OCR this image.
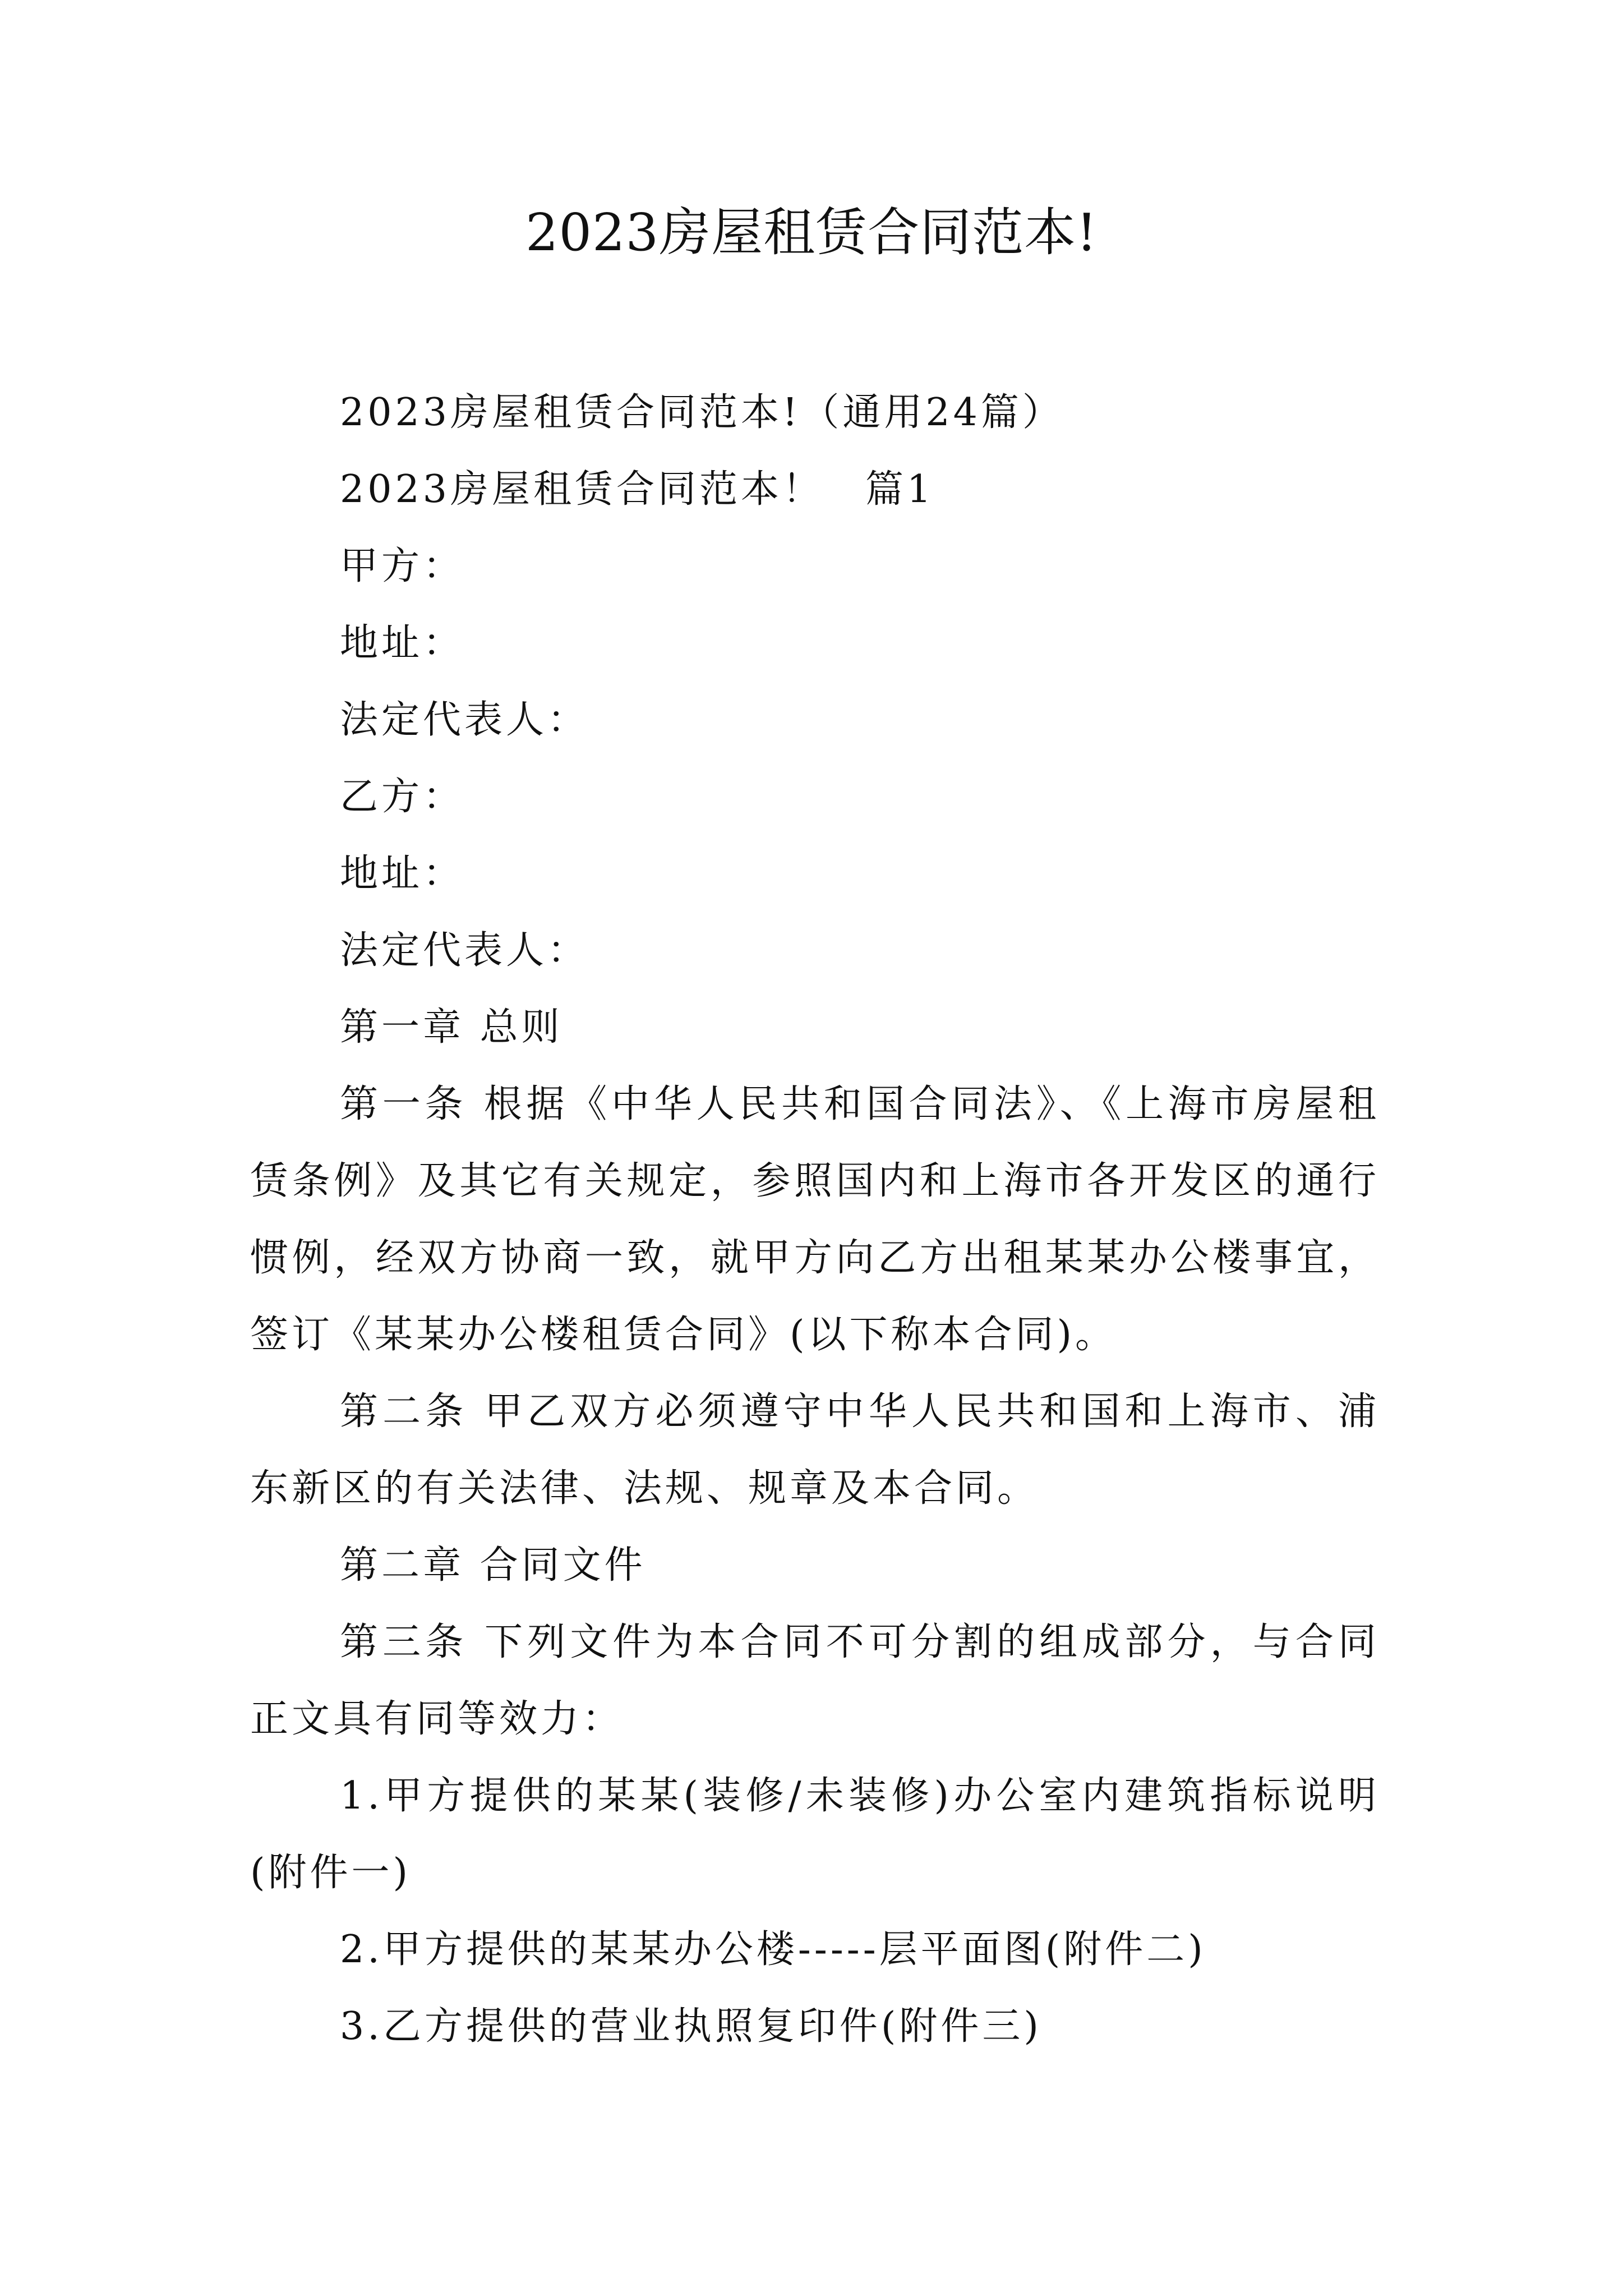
2023房屋租赁合同范本!

2023房屋租赁合同范本!（通用24篇）

2023房屋租赁合同范本！　篇1

甲方：

地址：

法定代表人：

乙方：

地址：

法定代表人：

第一章 总则

第一条 根据《中华人民共和国合同法》、《上海市房屋租赁条例》及其它有关规定，参照国内和上海市各开发区的通行惯例，经双方协商一致，就甲方向乙方出租某某办公楼事宜，签订《某某办公楼租赁合同》(以下称本合同)。

第二条 甲乙双方必须遵守中华人民共和国和上海市、浦东新区的有关法律、法规、规章及本合同。

第二章 合同文件

第三条 下列文件为本合同不可分割的组成部分，与合同正文具有同等效力：

1.甲方提供的某某(装修/未装修)办公室内建筑指标说明(附件一)

2.甲方提供的某某办公楼-----层平面图(附件二)

3.乙方提供的营业执照复印件(附件三)
